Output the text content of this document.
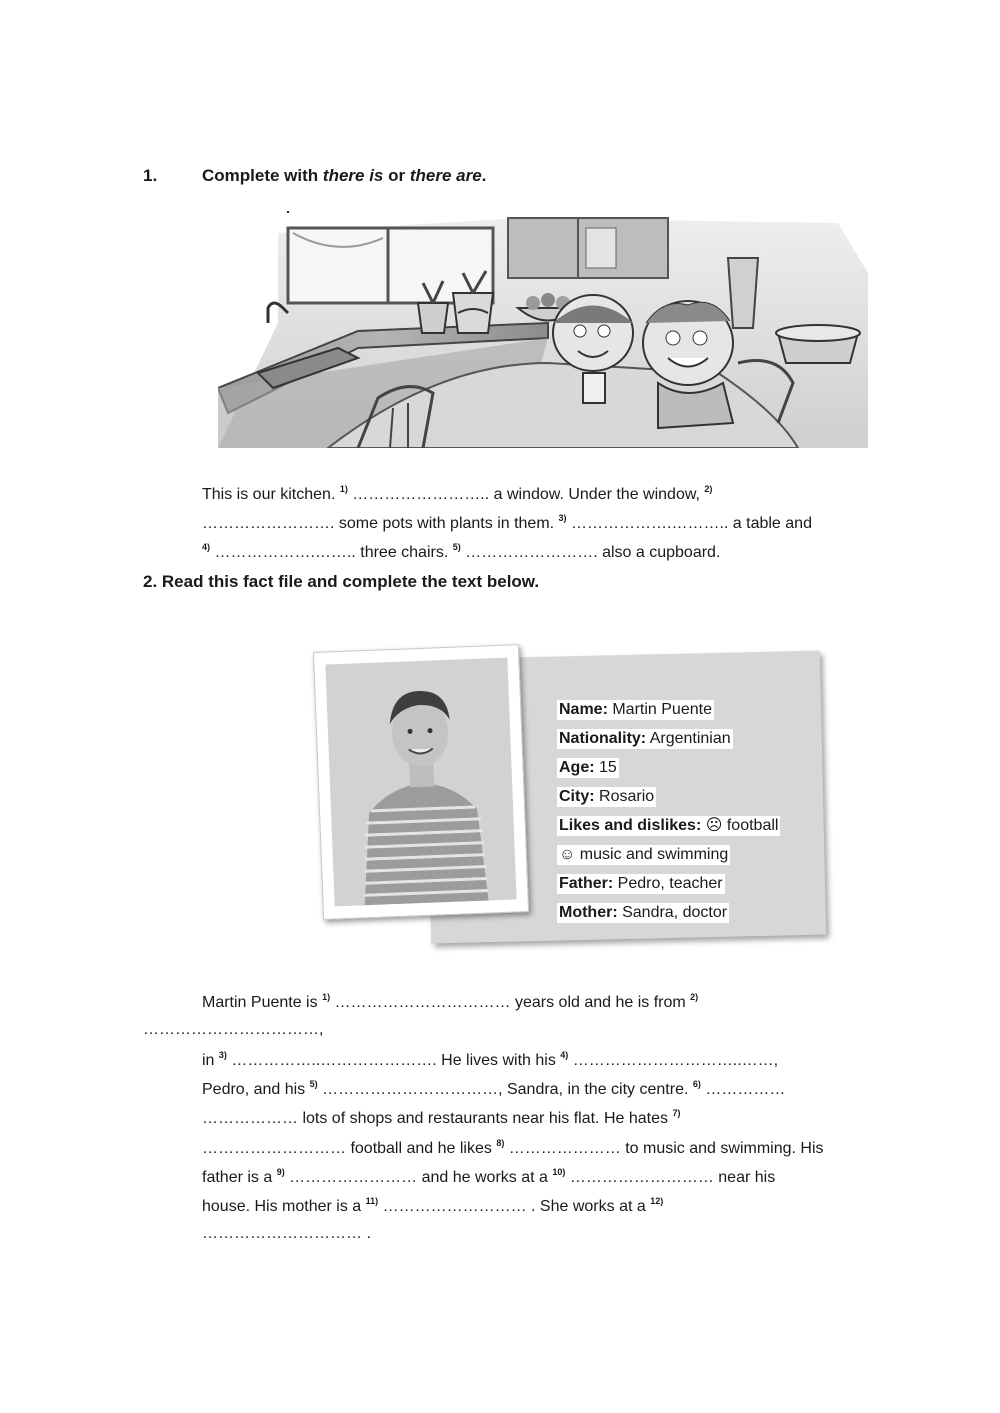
1.	Complete with there is or there are.
This is our kitchen. $^{1)}$ …………………….. a window. Under the window, $^{2)}$
……………………. some pots with plants in them. $^{3)}$ ……………….……….. a table and
$^{4)}$ ……………….…….. three chairs. $^{5)}$ ……………………. also a cupboard.
2. Read this fact file and complete the text below.
Name: Martin Puente
Nationality: Argentinian
Age: 15
City: Rosario
Likes and dislikes: ☹ football
☺ music and swimming
Father: Pedro, teacher
Mother: Sandra, doctor
Martin Puente is $^{1)}$ …………………………… years old and he is from $^{2)}$
……………………………,
in $^{3)}$ ……………..…………………. He lives with his $^{4)}$ …………………………..……,
Pedro, and his $^{5)}$ ……………………………, Sandra, in the city centre. $^{6)}$ ……………
……………… lots of shops and restaurants near his flat. He hates $^{7)}$
……………………… football and he likes $^{8)}$ ………………… to music and swimming. His
father is a $^{9)}$ …………………… and he works at a $^{10)}$ ……………………… near his
house. His mother is a $^{11)}$ ……………………… . She works at a $^{12)}$
………………………… .
